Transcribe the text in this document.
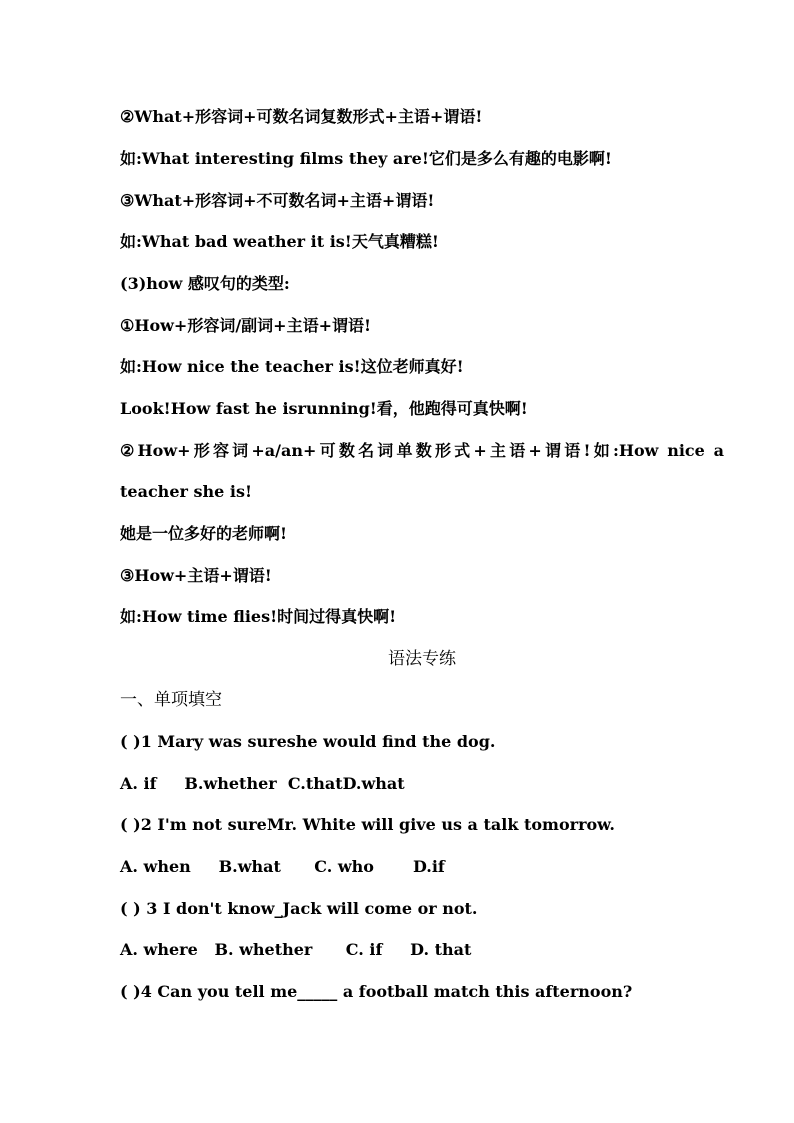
②What+形容词+可数名词复数形式+主语+谓语!
如:What interesting films they are!它们是多么有趣的电影啊!
③What+形容词+不可数名词+主语+谓语!
如:What bad weather it is!天气真糟糕!
(3)how 感叹句的类型:
①How+形容词/副词+主语+谓语!
如:How nice the teacher is!这位老师真好!
Look!How fast he isrunning!看，他跑得可真快啊!
②How+形容词+a/an+可数名词单数形式+主语+谓语!如:How nice a
teacher she is!
她是一位多好的老师啊!
③How+主语+谓语!
如:How time flies!时间过得真快啊!
语法专练
一、单项填空
( )1 Mary was sureshe would find the dog.
A. if     B.whether  C.thatD.what
( )2 I'm not sureMr. White will give us a talk tomorrow.
A. when     B.what      C. who       D.if
( ) 3 I don't know_Jack will come or not.
A. where   B. whether      C. if     D. that
( )4 Can you tell me_____ a football match this afternoon?
